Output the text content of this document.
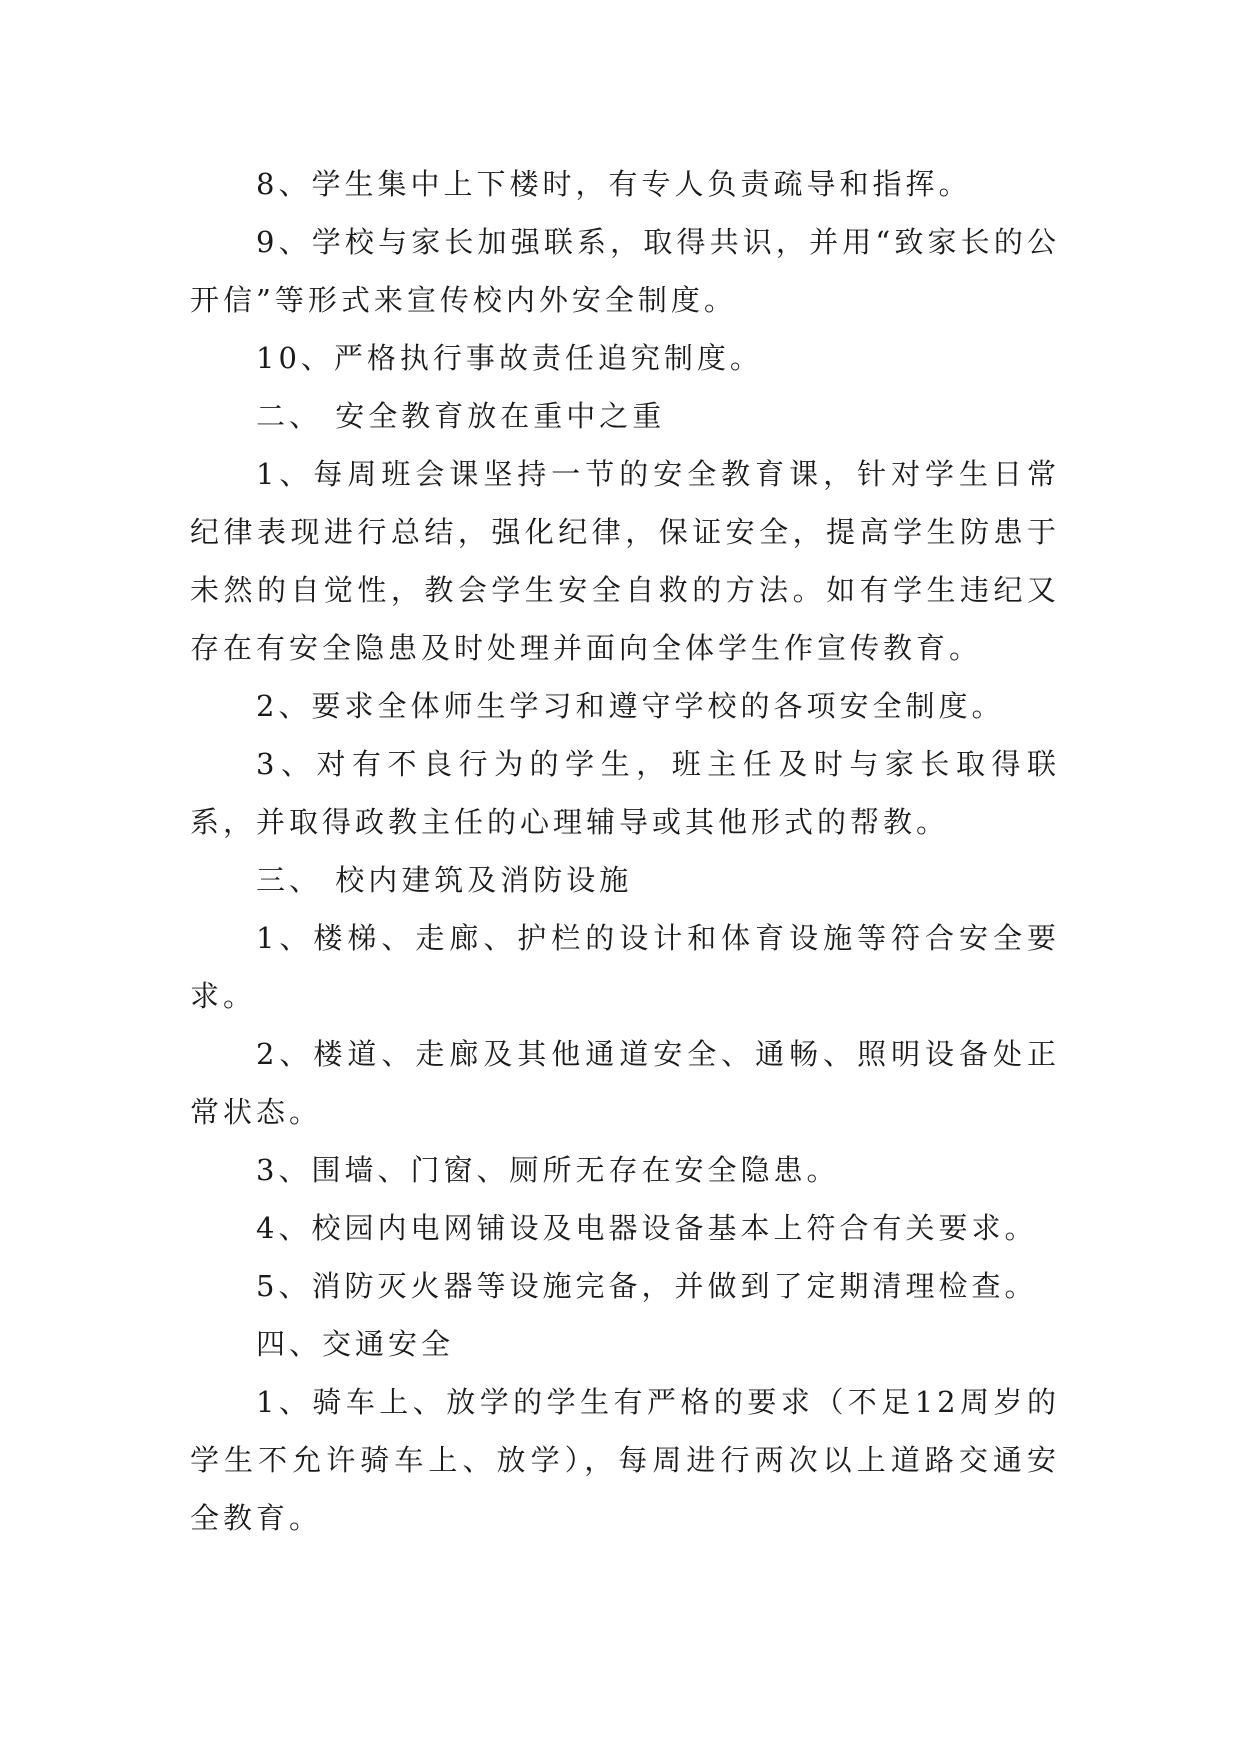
8、学生集中上下楼时，有专人负责疏导和指挥。

9、学校与家长加强联系，取得共识，并用“致家长的公开信”等形式来宣传校内外安全制度。

10、严格执行事故责任追究制度。

二、 安全教育放在重中之重

1、每周班会课坚持一节的安全教育课，针对学生日常纪律表现进行总结，强化纪律，保证安全，提高学生防患于未然的自觉性，教会学生安全自救的方法。如有学生违纪又存在有安全隐患及时处理并面向全体学生作宣传教育。

2、要求全体师生学习和遵守学校的各项安全制度。

3、对有不良行为的学生，班主任及时与家长取得联系，并取得政教主任的心理辅导或其他形式的帮教。

三、 校内建筑及消防设施

1、楼梯、走廊、护栏的设计和体育设施等符合安全要求。

2、楼道、走廊及其他通道安全、通畅、照明设备处正常状态。

3、围墙、门窗、厕所无存在安全隐患。

4、校园内电网铺设及电器设备基本上符合有关要求。

5、消防灭火器等设施完备，并做到了定期清理检查。

四、交通安全

1、骑车上、放学的学生有严格的要求（不足12周岁的学生不允许骑车上、放学），每周进行两次以上道路交通安全教育。
